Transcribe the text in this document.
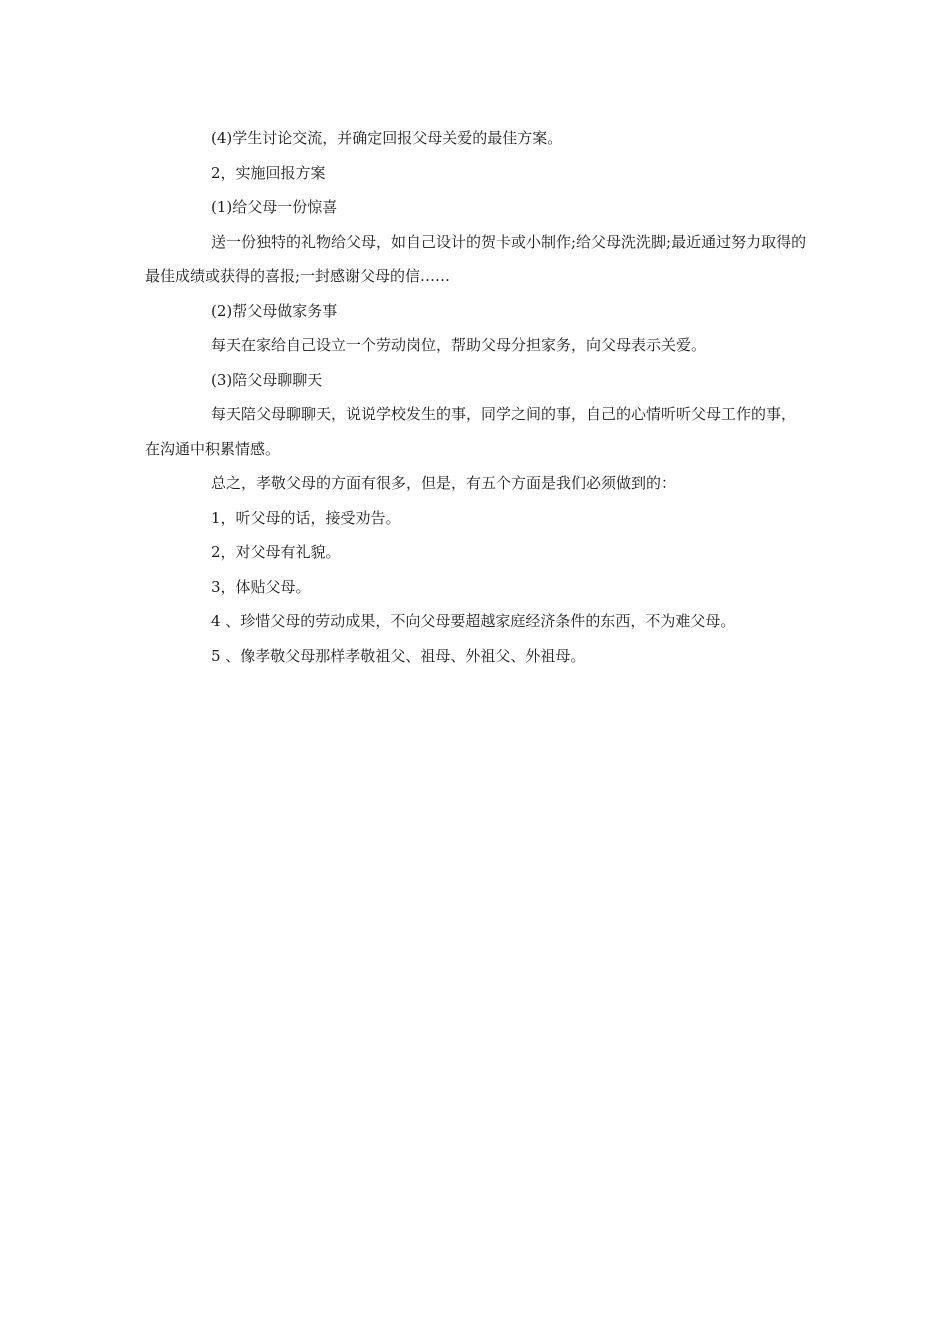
(4)学生讨论交流，并确定回报父母关爱的最佳方案。

2，实施回报方案

(1)给父母一份惊喜

送一份独特的礼物给父母，如自己设计的贺卡或小制作;给父母洗洗脚;最近通过努力取得的最佳成绩或获得的喜报;一封感谢父母的信……

(2)帮父母做家务事

每天在家给自己设立一个劳动岗位，帮助父母分担家务，向父母表示关爱。

(3)陪父母聊聊天

每天陪父母聊聊天，说说学校发生的事，同学之间的事，自己的心情听听父母工作的事，在沟通中积累情感。

总之，孝敬父母的方面有很多，但是，有五个方面是我们必须做到的：

1，听父母的话，接受劝告。

2，对父母有礼貌。

3，体贴父母。

4 、珍惜父母的劳动成果，不向父母要超越家庭经济条件的东西，不为难父母。

5 、像孝敬父母那样孝敬祖父、祖母、外祖父、外祖母。
